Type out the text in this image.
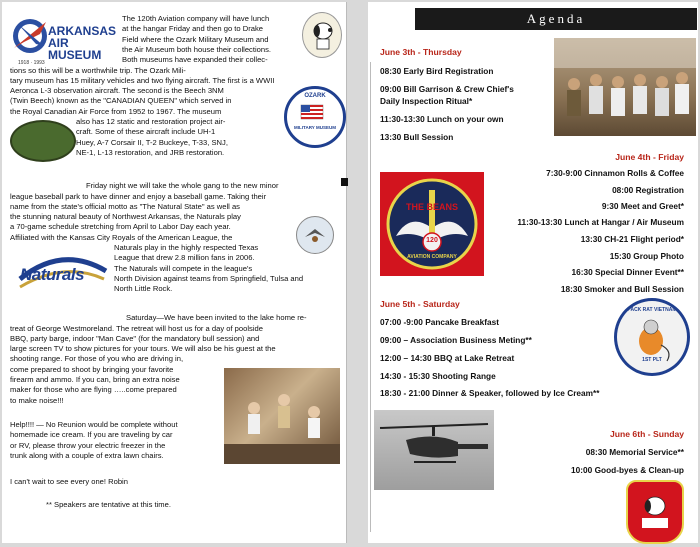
1918 · 1993
ARKANSAS
AIR MUSEUM
The 120th Aviation company will have lunch
at the hangar Friday and then go to Drake
Field where the Ozark Military Museum and
the Air Museum both house their collections.
Both museums have expanded their collec-
tions so this will be a worthwhile trip. The Ozark Mili-
tary museum has 15 military vehicles and two flying aircraft. The first is a WWII
Aeronca L-3 observation aircraft. The second is the Beech 3NM
(Twin Beech) known as the "CANADIAN QUEEN" which served in
the Royal Canadian Air Force from 1952 to 1967. The museum
also has 12 static and restoration project air-
craft. Some of these aircraft include UH-1
Huey, A-7 Corsair II, T-2 Buckeye, T-33, SNJ,
NE-1, L-13 restoration, and JRB restoration.
OZARK
MILITARY MUSEUM
Friday night we will take the whole gang to the new minor
league baseball park to have dinner and enjoy a baseball game. Taking their
name from the state's official motto as "The Natural State" as well as
the stunning natural beauty of Northwest Arkansas, the Naturals play
a 70-game schedule stretching from April to Labor Day each year.
Affiliated with the Kansas City Royals of the American League, the
Naturals play in the highly respected Texas
League that drew 2.8 million fans in 2006.
The Naturals will compete in the league's
North Division against teams from Springfield, Tulsa and
North Little Rock.
Naturals
Saturday—We have been invited to the lake home re-
treat of George Westmoreland. The retreat will host us for a day of poolside
BBQ, party barge, indoor "Man Cave" (for the mandatory bull session) and
large screen TV to show pictures for your tours. We will also be his guest at the
shooting range. For those of you who are driving in,
come prepared to shoot by bringing your favorite
firearm and ammo. If you can, bring an extra noise
maker for those who are flying …..come prepared
to make noise!!!
Help!!!! — No Reunion would be complete without
homemade ice cream. If you are traveling by car
or RV, please throw your electric freezer in the
trunk along with a couple of extra lawn chairs.
I can't wait to see every one! Robin
** Speakers are tentative at this time.
Agenda
June 3th - Thursday
08:30 Early Bird Registration
09:00 Bill Garrison & Crew Chief's
Daily Inspection Ritual*
11:30-13:30 Lunch on your own
13:30 Bull Session
June 4th - Friday
7:30-9:00 Cinnamon Rolls & Coffee
08:00 Registration
9:30 Meet and Greet*
11:30-13:30 Lunch at Hangar / Air Museum
13:30 CH-21 Flight period*
15:30 Group Photo
16:30 Special Dinner Event**
18:30 Smoker and Bull Session
THE BEANS
120
AVIATION COMPANY
June 5th - Saturday
07:00 -9:00 Pancake Breakfast
09:00 – Association Business Meting**
12:00 – 14:30 BBQ at Lake Retreat
14:30 - 15:30 Shooting Range
18:30 - 21:00 Dinner & Speaker, followed by Ice Cream**
PACK RAT VIETNAM
1ST PLT
June 6th - Sunday
08:30 Memorial Service**
10:00 Good-byes & Clean-up
